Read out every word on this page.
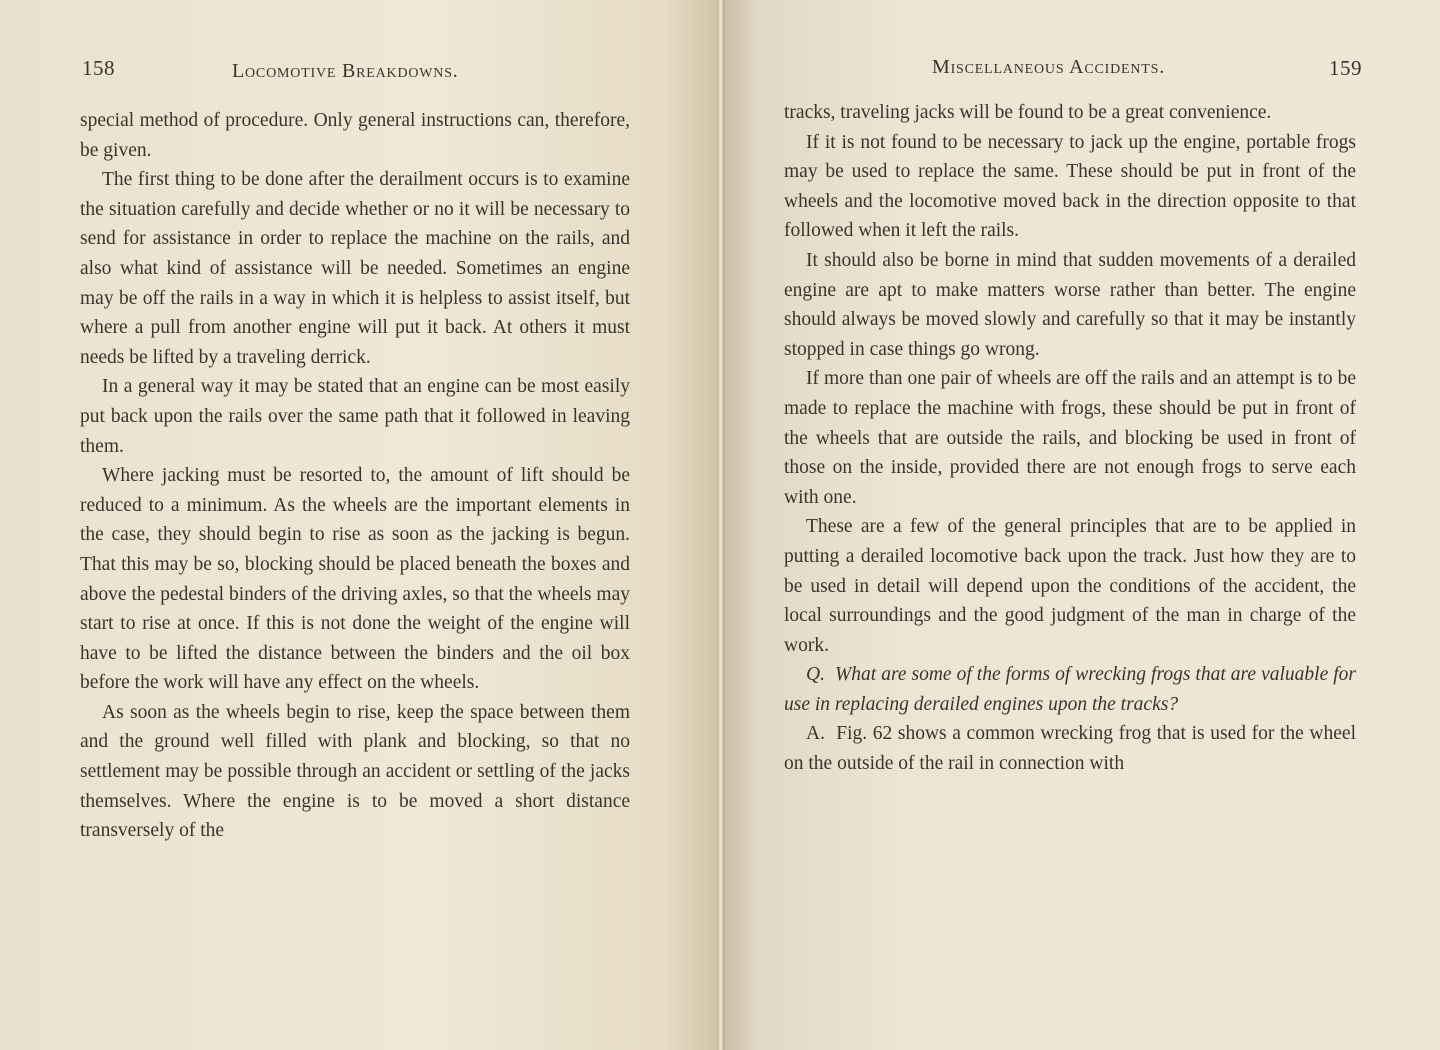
158	Locomotive Breakdowns.

special method of procedure. Only general instructions can, therefore, be given.

The first thing to be done after the derailment occurs is to examine the situation carefully and decide whether or no it will be necessary to send for assistance in order to replace the machine on the rails, and also what kind of assistance will be needed. Sometimes an engine may be off the rails in a way in which it is helpless to assist itself, but where a pull from another engine will put it back. At others it must needs be lifted by a traveling derrick.

In a general way it may be stated that an engine can be most easily put back upon the rails over the same path that it followed in leaving them.

Where jacking must be resorted to, the amount of lift should be reduced to a minimum. As the wheels are the important elements in the case, they should begin to rise as soon as the jacking is begun. That this may be so, blocking should be placed beneath the boxes and above the pedestal binders of the driving axles, so that the wheels may start to rise at once. If this is not done the weight of the engine will have to be lifted the distance between the binders and the oil box before the work will have any effect on the wheels.

As soon as the wheels begin to rise, keep the space between them and the ground well filled with plank and blocking, so that no settlement may be possible through an accident or settling of the jacks themselves. Where the engine is to be moved a short distance transversely of the

Miscellaneous Accidents.	159

tracks, traveling jacks will be found to be a great convenience.

If it is not found to be necessary to jack up the engine, portable frogs may be used to replace the same. These should be put in front of the wheels and the locomotive moved back in the direction opposite to that followed when it left the rails.

It should also be borne in mind that sudden movements of a derailed engine are apt to make matters worse rather than better. The engine should always be moved slowly and carefully so that it may be instantly stopped in case things go wrong.

If more than one pair of wheels are off the rails and an attempt is to be made to replace the machine with frogs, these should be put in front of the wheels that are outside the rails, and blocking be used in front of those on the inside, provided there are not enough frogs to serve each with one.

These are a few of the general principles that are to be applied in putting a derailed locomotive back upon the track. Just how they are to be used in detail will depend upon the conditions of the accident, the local surroundings and the good judgment of the man in charge of the work.

Q. What are some of the forms of wrecking frogs that are valuable for use in replacing derailed engines upon the tracks?

A. Fig. 62 shows a common wrecking frog that is used for the wheel on the outside of the rail in connection with
